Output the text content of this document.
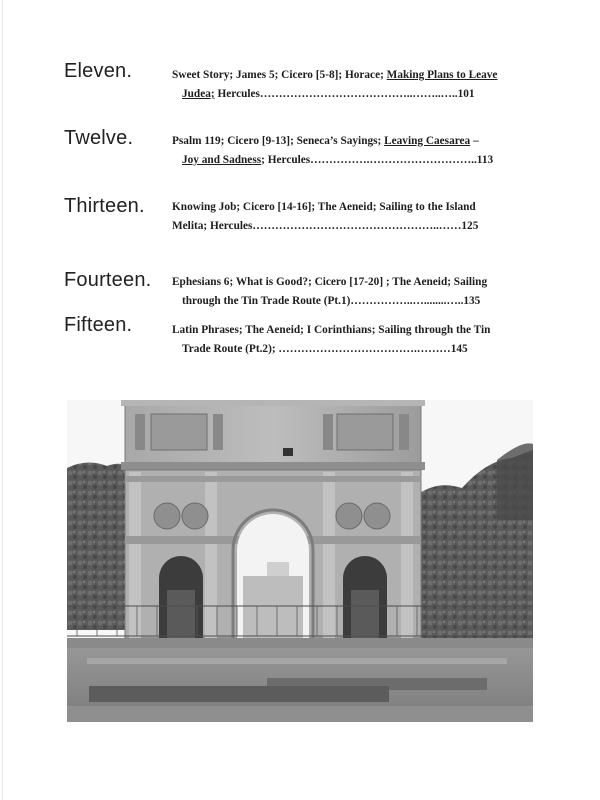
Eleven.	Sweet Story; James 5; Cicero [5-8]; Horace; Making Plans to Leave
Judea; Hercules…………………………………..……..…..101
Twelve.	Psalm 119; Cicero [9-13]; Seneca’s Sayings; Leaving Caesarea –
Joy and Sadness; Hercules…………….………………………..113
Thirteen. Knowing Job; Cicero [14-16]; The Aeneid; Sailing to the Island
Melita; Hercules…………………………………………..……125
Fourteen. Ephesians 6; What is Good?; Cicero [17-20] ; The Aeneid; Sailing
through the Tin Trade Route (Pt.1)……………..…........…..135
Fifteen.	Latin Phrases; The Aeneid; I Corinthians; Sailing through the Tin
Trade Route (Pt.2); ……………………………….………145
